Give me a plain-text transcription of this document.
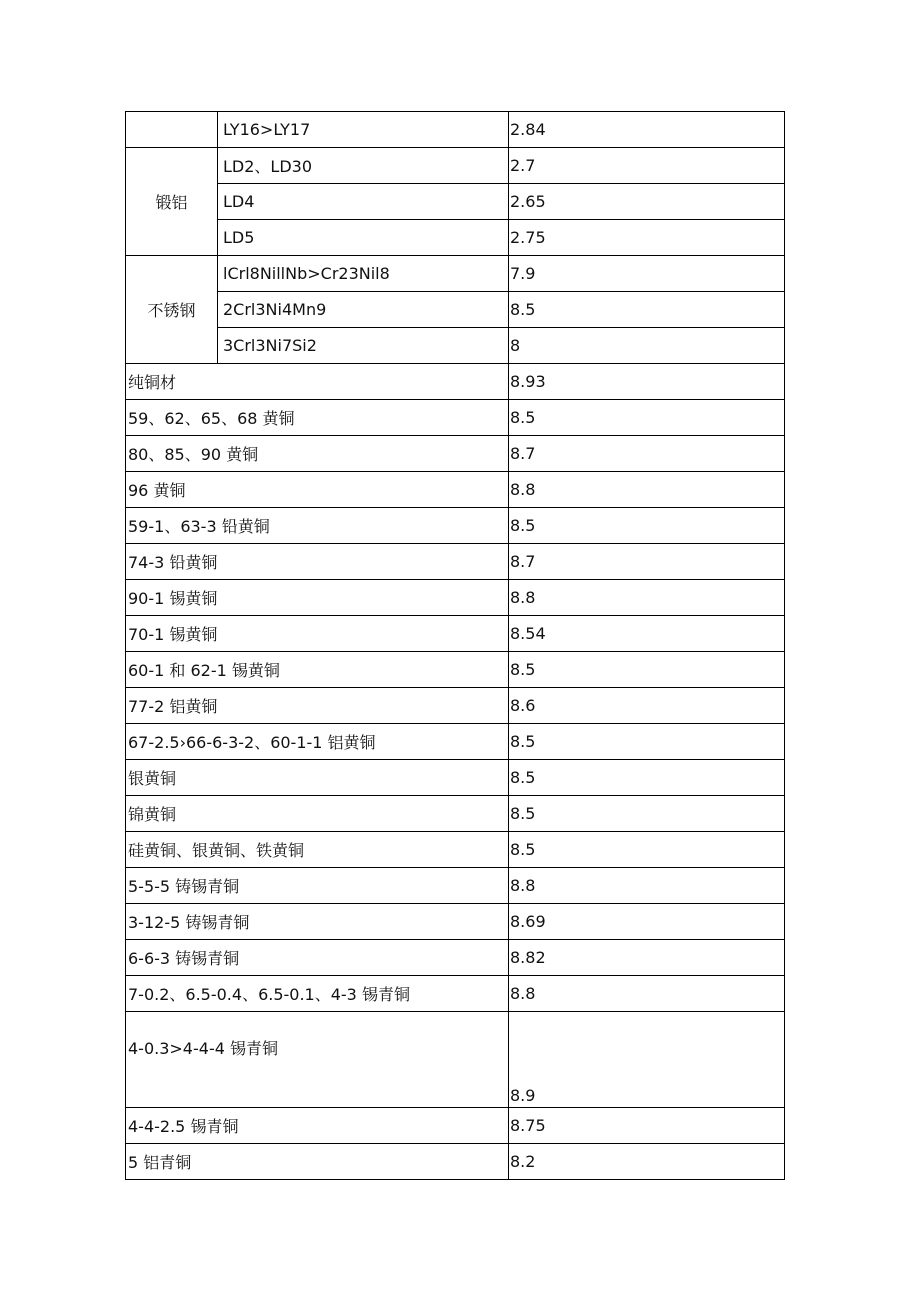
	LY16>LY17	2.84
锻铝	LD2、LD30	2.7
	LD4	2.65
	LD5	2.75
不锈钢	lCrl8NillNb>Cr23Nil8	7.9
	2Crl3Ni4Mn9	8.5
	3Crl3Ni7Si2	8
纯铜材		8.93
59、62、65、68 黄铜		8.5
80、85、90 黄铜		8.7
96 黄铜		8.8
59-1、63-3 铅黄铜		8.5
74-3 铅黄铜		8.7
90-1 锡黄铜		8.8
70-1 锡黄铜		8.54
60-1 和 62-1 锡黄铜		8.5
77-2 铝黄铜		8.6
67-2.5›66-6-3-2、60-1-1 铝黄铜		8.5
银黄铜		8.5
锦黄铜		8.5
硅黄铜、银黄铜、铁黄铜		8.5
5-5-5 铸锡青铜		8.8
3-12-5 铸锡青铜		8.69
6-6-3 铸锡青铜		8.82
7-0.2、6.5-0.4、6.5-0.1、4-3 锡青铜		8.8
4-0.3>4-4-4 锡青铜		8.9
4-4-2.5 锡青铜		8.75
5 铝青铜		8.2
